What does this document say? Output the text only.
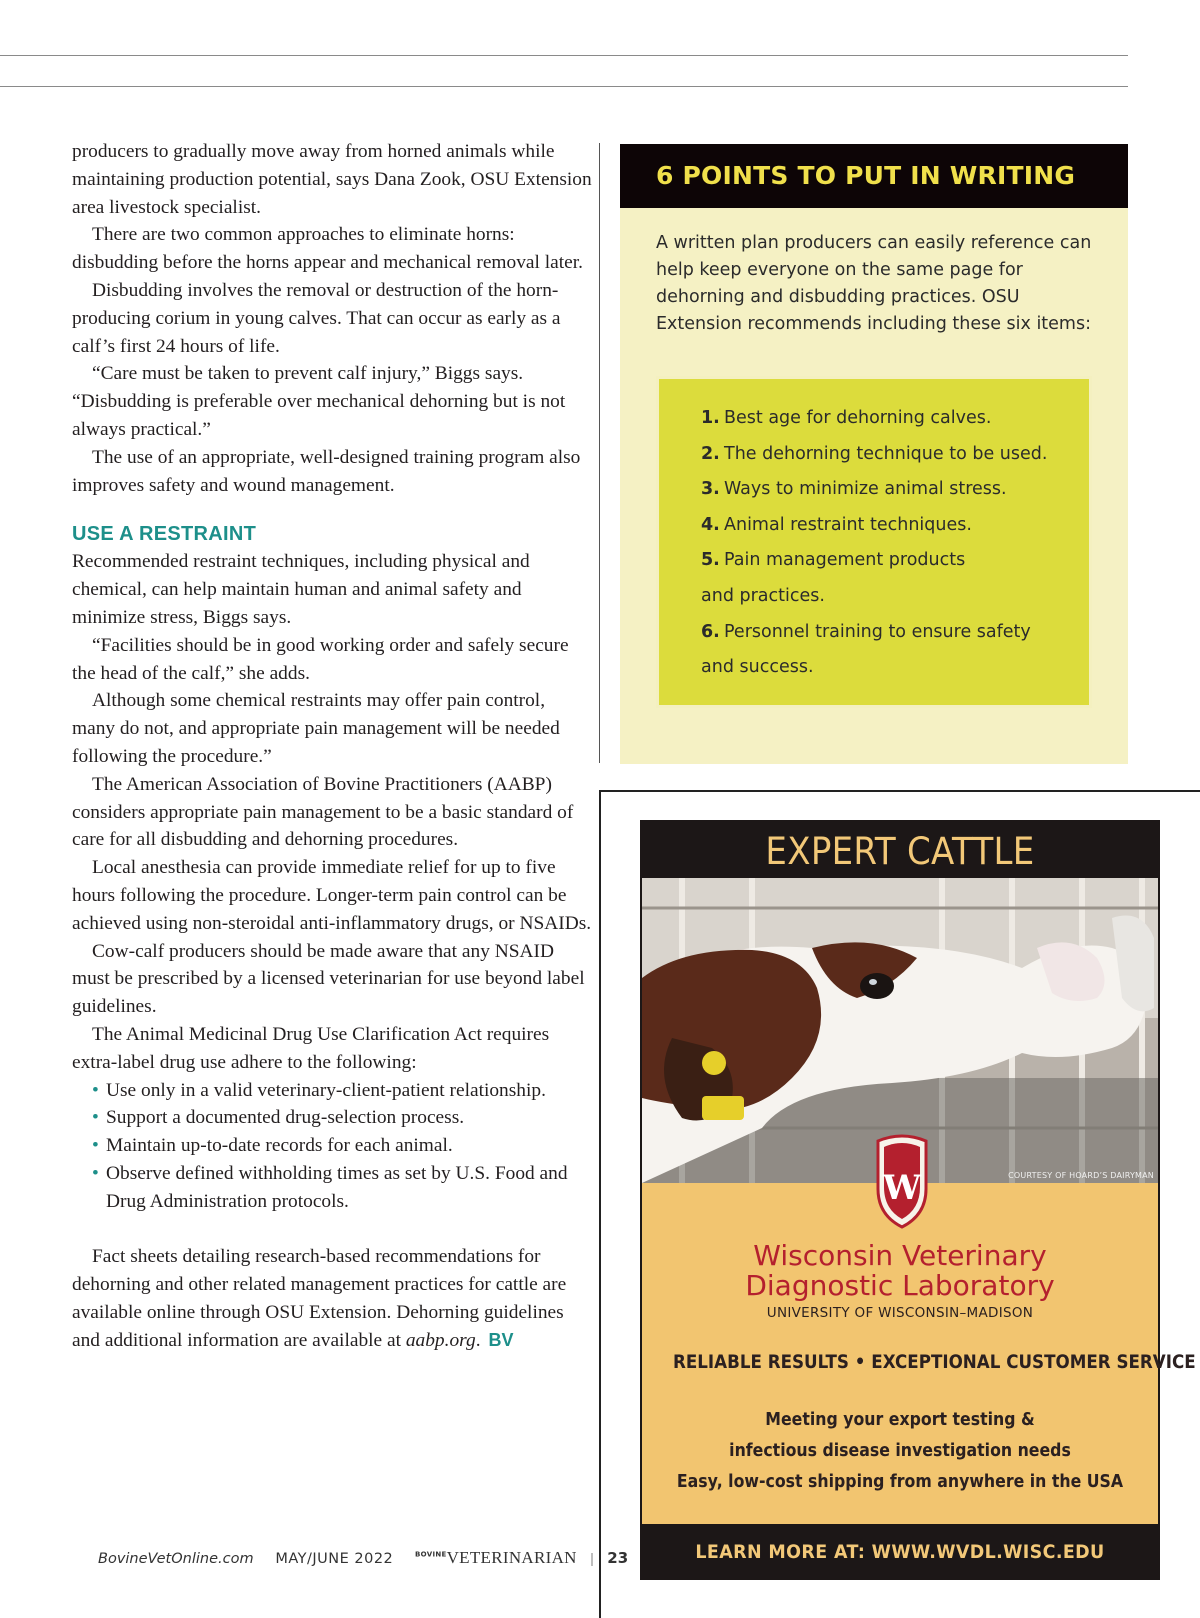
producers to gradually move away from horned animals while maintaining production potential, says Dana Zook, OSU Extension area livestock specialist.

There are two common approaches to eliminate horns: disbudding before the horns appear and mechanical removal later.

Disbudding involves the removal or destruction of the horn-producing corium in young calves. That can occur as early as a calf’s first 24 hours of life.

“Care must be taken to prevent calf injury,” Biggs says. “Disbudding is preferable over mechanical dehorning but is not always practical.”

The use of an appropriate, well-designed training program also improves safety and wound management.

USE A RESTRAINT

Recommended restraint techniques, including physical and chemical, can help maintain human and animal safety and minimize stress, Biggs says.

“Facilities should be in good working order and safely secure the head of the calf,” she adds.

Although some chemical restraints may offer pain control, many do not, and appropriate pain management will be needed following the procedure.”

The American Association of Bovine Practitioners (AABP) considers appropriate pain management to be a basic standard of care for all disbudding and dehorning procedures.

Local anesthesia can provide immediate relief for up to five hours following the procedure. Longer-term pain control can be achieved using non-steroidal anti-inflammatory drugs, or NSAIDs.

Cow-calf producers should be made aware that any NSAID must be prescribed by a licensed veterinarian for use beyond label guidelines.

The Animal Medicinal Drug Use Clarification Act requires extra-label drug use adhere to the following:

• Use only in a valid veterinary-client-patient relationship.
• Support a documented drug-selection process.
• Maintain up-to-date records for each animal.
• Observe defined withholding times as set by U.S. Food and Drug Administration protocols.

Fact sheets detailing research-based recommendations for dehorning and other related management practices for cattle are available online through OSU Extension. Dehorning guidelines and additional information are available at aabp.org. BV

6 POINTS TO PUT IN WRITING
A written plan producers can easily reference can help keep everyone on the same page for dehorning and disbudding practices. OSU Extension recommends including these six items:
1. Best age for dehorning calves.
2. The dehorning technique to be used.
3. Ways to minimize animal stress.
4. Animal restraint techniques.
5. Pain management products
and practices.
6. Personnel training to ensure safety
and success.
EXPERT CATTLE
COURTESY OF HOARD’S DAIRYMAN
W
Wisconsin Veterinary
Diagnostic Laboratory
UNIVERSITY OF WISCONSIN–MADISON
RELIABLE RESULTS • EXCEPTIONAL CUSTOMER SERVICE
Meeting your export testing &
infectious disease investigation needs
Easy, low-cost shipping from anywhere in the USA
LEARN MORE AT: WWW.WVDL.WISC.EDU
BovineVetOnline.com MAY/JUNE 2022	$^{BOVINE}$VETERINARIAN | 23
